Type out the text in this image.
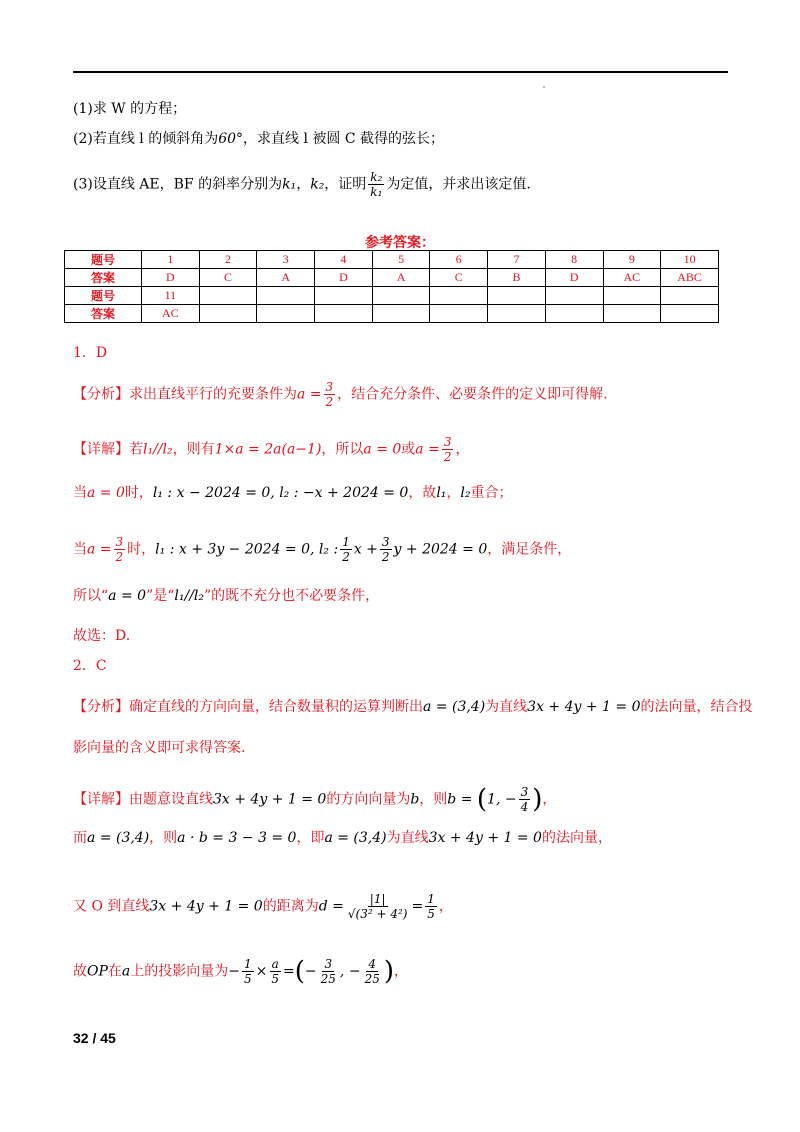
(1)求 W 的方程；
(2)若直线 l 的倾斜角为60°，求直线 l 被圆 C 截得的弦长；
(3)设直线 AE，BF 的斜率分别为k₁，k₂，证明 $\frac{\text{k₂}}{\text{k₁}}$ 为定值，并求出该定值.
参考答案：
题号	1	2	3	4	5	6	7	8	9	10
答案	D	C	A	D	A	C	B	D	AC	ABC
题号	11									
答案	AC									
1．D
【分析】求出直线平行的充要条件为$a = \frac{3}{2}$ ，结合充分条件、必要条件的定义即可得解.
【详解】若l₁//l₂，则有1×a = 2a(a−1)，所以a = 0或$a = \frac{3}{2}$ ，
当a = 0时，l₁ : x − 2024 = 0, l₂ : −x + 2024 = 0，故l₁，l₂重合；
当$a = \frac{3}{2}$ 时，l₁ : x + 3y − 2024 = 0, l₂ : $\frac{1}{2}$ $x + \frac{3}{2}$ y + 2024 = 0，满足条件，
所以“a = 0”是“l₁//l₂”的既不充分也不必要条件，
故选：D.
2．C
【分析】确定直线的方向向量，结合数量积的运算判断出a = (3,4)为直线3x + 4y + 1 = 0的法向量，结合投
影向量的含义即可求得答案.
【详解】由题意设直线3x + 4y + 1 = 0的方向向量为b，则b = (1, − $\frac{3}{4}$ )，
而a = (3,4)，则a · b = 3 − 3 = 0，即a = (3,4)为直线3x + 4y + 1 = 0的法向量，
又 O 到直线3x + 4y + 1 = 0的距离为$d = \frac{|1|}{\text{√(3² + 4²)}} = \frac{1}{5}$ ，
故OP在a上的投影向量为− $\frac{1}{5} \times \frac{a}{5}$ =(− $\frac{3}{25}$ , − $\frac{4}{25}$ )，
32 / 45
